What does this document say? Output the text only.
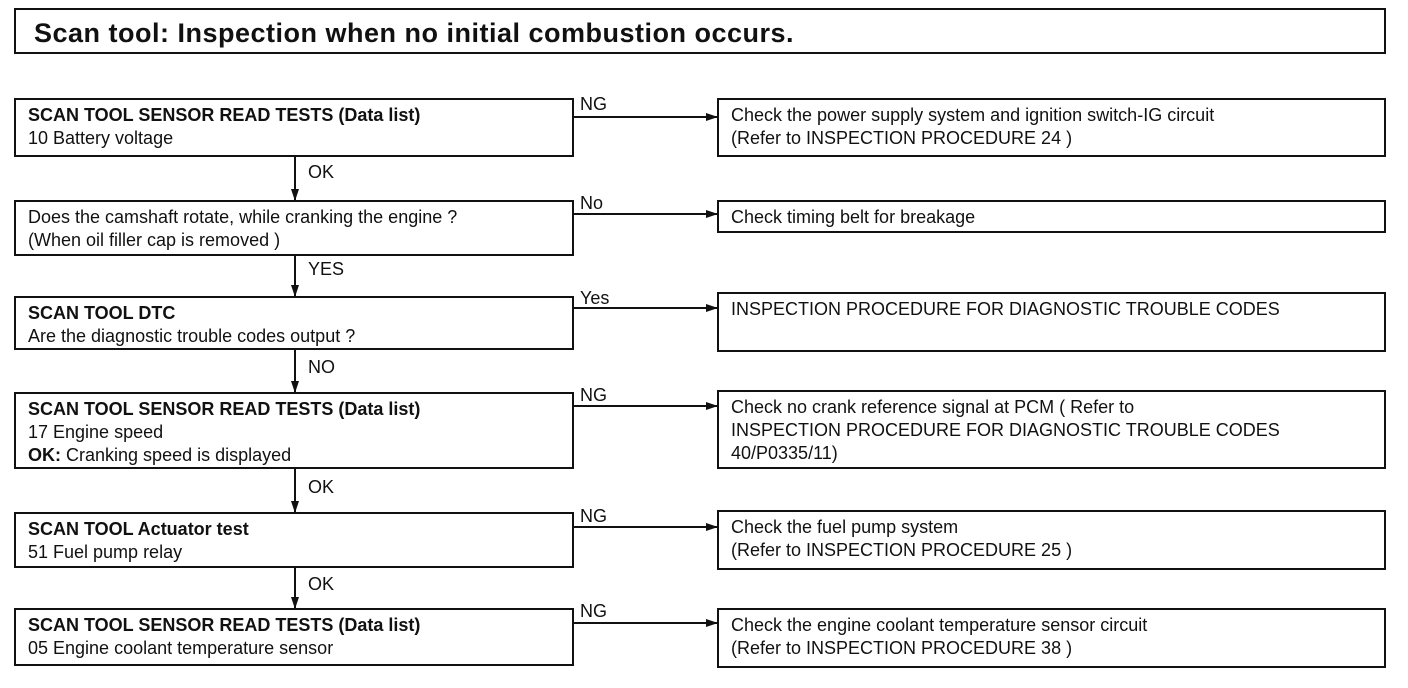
Scan tool: Inspection when no initial combustion occurs.
SCAN TOOL SENSOR READ TESTS (Data list)
10 Battery voltage
NG
Check the power supply system and ignition switch-IG circuit
(Refer to INSPECTION PROCEDURE 24 )
OK
Does the camshaft rotate, while cranking the engine ?
(When oil filler cap is removed )
No
Check timing belt for breakage
YES
SCAN TOOL DTC
Are the diagnostic trouble codes output ?
Yes
INSPECTION PROCEDURE FOR DIAGNOSTIC TROUBLE CODES
NO
SCAN TOOL SENSOR READ TESTS (Data list)
17 Engine speed
OK: Cranking speed is displayed
NG
Check no crank reference signal at PCM ( Refer to
INSPECTION PROCEDURE FOR DIAGNOSTIC TROUBLE CODES
40/P0335/11)
OK
SCAN TOOL Actuator test
51 Fuel pump relay
NG
Check the fuel pump system
(Refer to INSPECTION PROCEDURE 25 )
OK
SCAN TOOL SENSOR READ TESTS (Data list)
05 Engine coolant temperature sensor
NG
Check the engine coolant temperature sensor circuit
(Refer to INSPECTION PROCEDURE 38 )
